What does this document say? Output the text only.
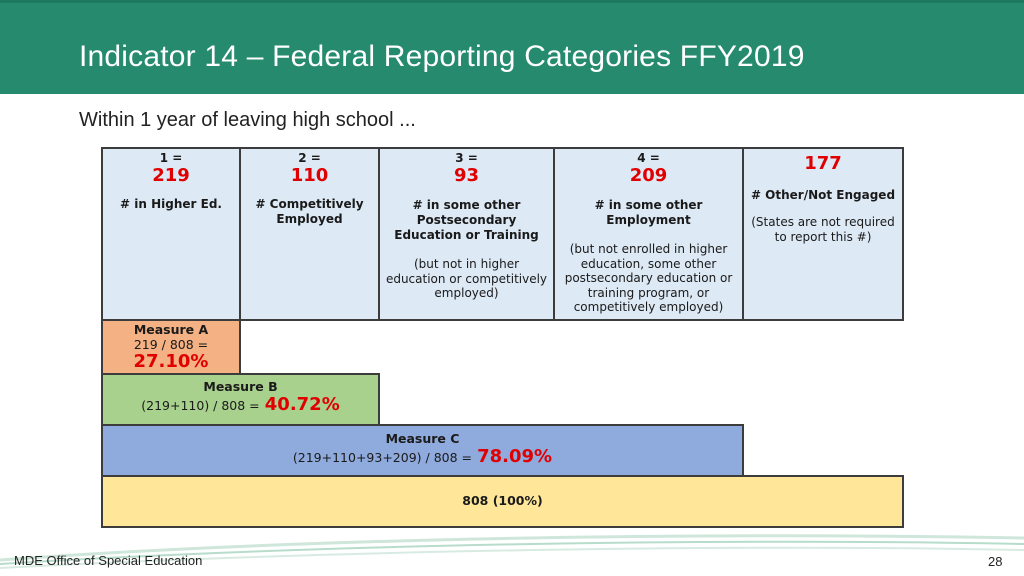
Indicator 14 – Federal Reporting Categories FFY2019
Within 1 year of leaving high school ...
1 =
219
# in Higher Ed.
2 =
110
# Competitively
Employed
3 =
93
# in some other
Postsecondary
Education or Training
(but not in higher
education or competitively
employed)
4 =
209
# in some other
Employment
(but not enrolled in higher
education, some other
postsecondary education or
training program, or
competitively employed)
177
# Other/Not Engaged
(States are not required
to report this #)
Measure A
219 / 808 =
27.10%
Measure B
(219+110) / 808 = 40.72%
Measure C
(219+110+93+209) / 808 = 78.09%
808 (100%)
MDE Office of Special Education	28
